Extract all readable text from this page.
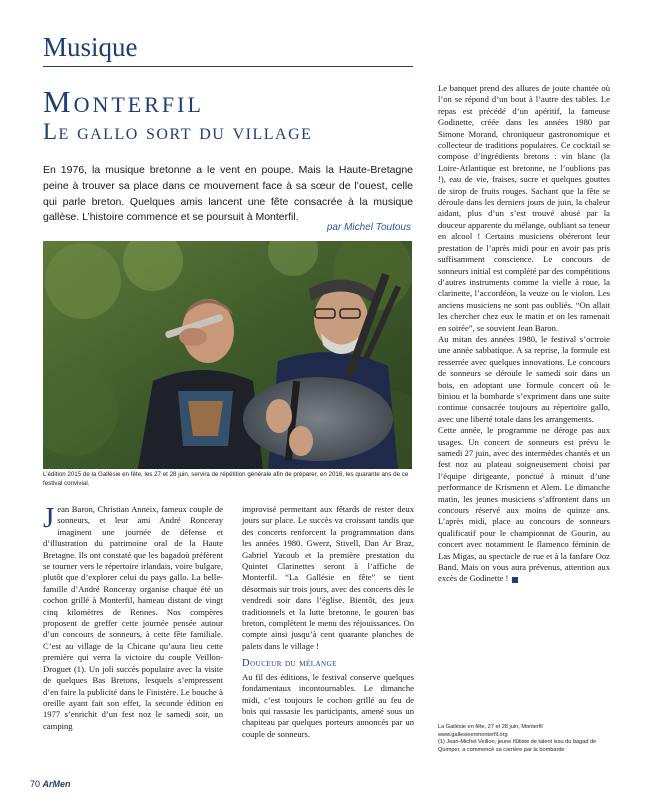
Musique
Monterfil
Le gallo sort du village

En 1976, la musique bretonne a le vent en poupe. Mais la Haute-Bretagne peine à trouver sa place dans ce mouvement face à sa sœur de l’ouest, celle qui parle breton. Quelques amis lancent une fête consacrée à la musique gallèse. L’histoire commence et se poursuit à Monterfil.

par Michel Toutous
L’édition 2015 de la Gallésie en fête, les 27 et 28 juin, servira de répétition générale afin de préparer, en 2016, les quarante ans de ce festival convivial.
J ean Baron, Christian Anneix, fameux couple de sonneurs, et leur ami André Ronceray imaginent une journée de défense et d’illustration du patrimoine oral de la Haute Bretagne. Ils ont constaté que les bagadoù préfèrent se tourner vers le répertoire irlandais, voire bulgare, plutôt que d’explorer celui du pays gallo. La belle-famille d’André Ronceray organise chaque été un cochon grillé à Monterfil, hameau distant de vingt cinq kilomètres de Rennes. Nos compères proposent de greffer cette journée pensée autour d’un concours de sonneurs, à cette fête familiale. C’est au village de la Chicane qu’aura lieu cette première qui verra la victoire du couple Veillon-Droguet (1). Un joli succès populaire avec la visite de quelques Bas Bretons, lesquels s’empressent d’en faire la publicité dans le Finistère. Le bouche à oreille ayant fait son effet, la seconde édition en 1977 s’enrichit d’un fest noz le samedi soir, un camping

improvisé permettant aux fêtards de rester deux jours sur place. Le succès va croissant tandis que des concerts renforcent la programmation dans les années 1980. Gwerz, Stivell, Dan Ar Braz, Gabriel Yacoub et la première prestation du Quintet Clarinettes seront à l’affiche de Monterfil. “La Gallésie en fête” se tient désormais sur trois jours, avec des concerts dès le vendredi soir dans l’église. Bientôt, des jeux traditionnels et la lutte bretonne, le gouren bas breton, complètent le menu des réjouissances. On compte ainsi jusqu’à cent quarante planches de palets dans le village !

Douceur du mélange

Au fil des éditions, le festival conserve quelques fondamentaux incontournables. Le dimanche midi, c’est toujours le cochon grillé au feu de bois qui rassasie les participants, amené sous un chapiteau par quelques porteurs annoncés par un couple de sonneurs.

Le banquet prend des allures de joute chantée où l’on se répond d’un bout à l’autre des tables. Le repas est précédé d’un apéritif, la fameuse Godinette, créée dans les années 1980 par Simone Morand, chroniqueur gastronomique et collecteur de traditions populaires. Ce cocktail se compose d’ingrédients bretons : vin blanc (la Loire-Atlantique est bretonne, ne l’oublions pas !), eau de vie, fraises, sucre et quelques gouttes de sirop de fruits rouges. Sachant que la fête se déroule dans les derniers jours de juin, la chaleur aidant, plus d’un s’est trouvé abusé par la douceur apparente du mélange, oubliant sa teneur en alcool ! Certains musiciens obéreront leur prestation de l’après midi pour en avoir pas pris suffisamment conscience. Le concours de sonneurs initial est complété par des compétitions d’autres instruments comme la vielle à roue, la clarinette, l’accordéon, la veuze ou le violon. Les anciens musiciens ne sont pas oubliés. “On allait les chercher chez eux le matin et on les ramenait en soirée”, se souvient Jean Baron.

Au mitan des années 1980, le festival s’octroie une année sabbatique. A sa reprise, la formule est resserrée avec quelques innovations. Le concours de sonneurs se déroule le samedi soir dans un bois, en adoptant une formule concert où le biniou et la bombarde s’expriment dans une suite continue consacrée toujours au répertoire gallo, avec une liberté totale dans les arrangements.

Cette année, le programme ne déroge pas aux usages. Un concert de sonneurs est prévu le samedi 27 juin, avec des intermèdes chantés et un fest noz au plateau soigneusement choisi par l’équipe dirigeante, ponctué à minuit d’une performance de Krismenn et Alem. Le dimanche matin, les jeunes musiciens s’affrontent dans un concours réservé aux moins de quinze ans. L’après midi, place au concours de sonneurs qualificatif pour le championnat de Gourin, au concert avec notamment le flamenco féminin de Las Migas, au spectacle de rue et à la fanfare Ooz Band. Mais on vous aura prévenus, attention aux excès de Godinette !

La Gallésie en fête, 27 et 28 juin, Monterfil
www.gallesieenmonterfil.org
(1) Jean-Michel Veillon, jeune flûtiste de talent issu du bagad de Quimper, a commencé sa carrière par la bombarde
70 ArMen
